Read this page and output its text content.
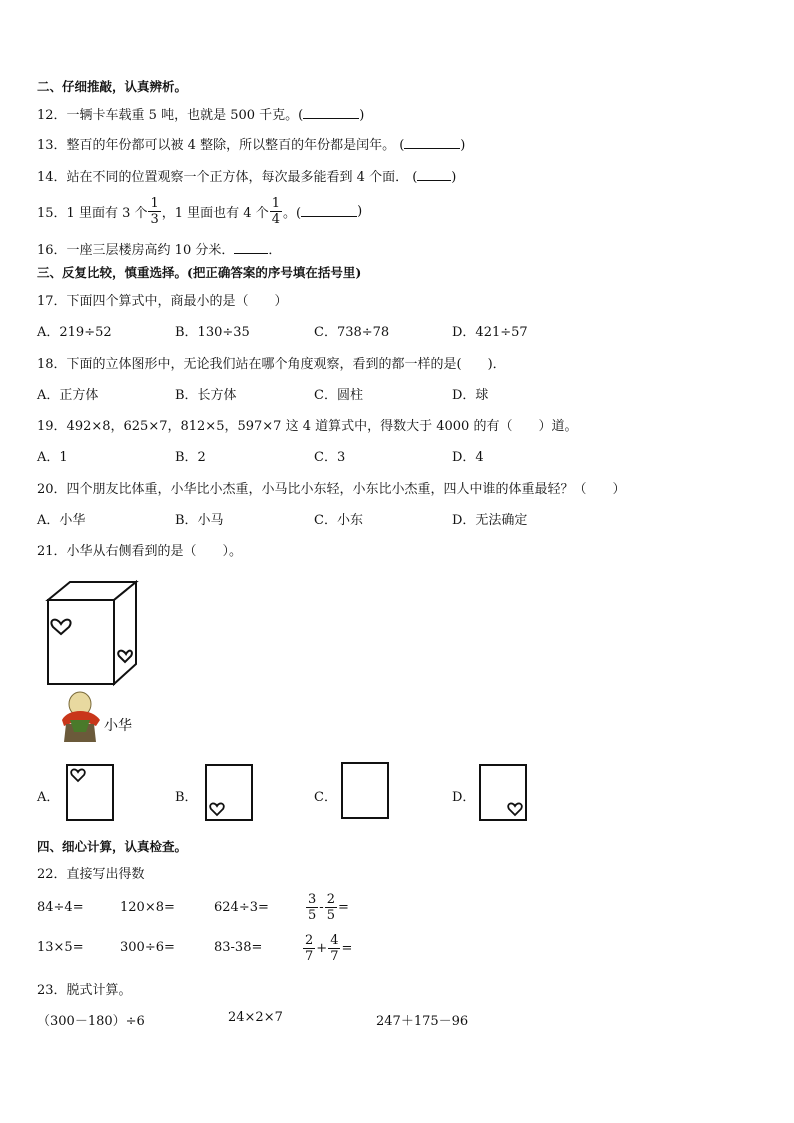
二、仔细推敲，认真辨析。
12．一辆卡车载重 5 吨，也就是 500 千克。(	)
13．整百的年份都可以被 4 整除，所以整百的年份都是闰年。 (	)
14．站在不同的位置观察一个正方体，每次最多能看到 4 个面． (	)
15．1 里面有 3 个 $\frac{1}{3}$ ，1 里面也有 4 个 $\frac{1}{4}$ 。(	)
16．一座三层楼房高约 10 分米．	．
三、反复比较，慎重选择。(把正确答案的序号填在括号里)
17．下面四个算式中，商最小的是（　　）
A．219÷52	B．130÷35	C．738÷78	D．421÷57
18．下面的立体图形中，无论我们站在哪个角度观察，看到的都一样的是(　　)．
A．正方体	B．长方体	C．圆柱	D．球
19．492×8，625×7，812×5，597×7 这 4 道算式中，得数大于 4000 的有（　　）道。
A．1	B．2	C．3	D．4
20．四个朋友比体重，小华比小杰重，小马比小东轻，小东比小杰重，四人中谁的体重最轻？（　　）
A．小华	B．小马	C．小东	D．无法确定
21．小华从右侧看到的是（　　）。
小华
A．	B．	C．	D．
四、细心计算，认真检查。
22．直接写出得数
84÷4=	120×8=	624÷3=	$\frac{3}{5} - \frac{2}{5}$ =
13×5=	300÷6=	83-38=	$\frac{2}{7} + \frac{4}{7}$ =
23．脱式计算。
（300－180）÷6	24×2×7	247＋175－96
